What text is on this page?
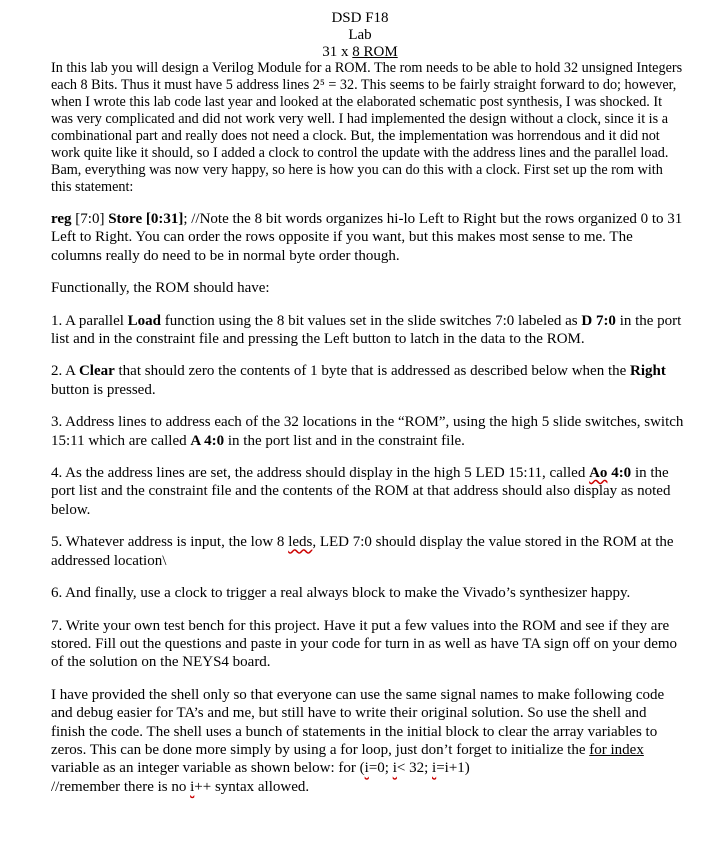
DSD F18
Lab
31 x 8 ROM

In this lab you will design a Verilog Module for a ROM. The rom needs to be able to hold 32 unsigned Integers each 8 Bits. Thus it must have 5 address lines 2⁵ = 32. This seems to be fairly straight forward to do; however, when I wrote this lab code last year and looked at the elaborated schematic post synthesis, I was shocked. It was very complicated and did not work very well. I had implemented the design without a clock, since it is a combinational part and really does not need a clock. But, the implementation was horrendous and it did not work quite like it should, so I added a clock to control the update with the address lines and the parallel load. Bam, everything was now very happy, so here is how you can do this with a clock. First set up the rom with this statement:

reg [7:0] Store [0:31]; //Note the 8 bit words organizes hi-lo Left to Right but the rows organized 0 to 31 Left to Right. You can order the rows opposite if you want, but this makes most sense to me. The columns really do need to be in normal byte order though.

Functionally, the ROM should have:

1. A parallel Load function using the 8 bit values set in the slide switches 7:0 labeled as D 7:0 in the port list and in the constraint file and pressing the Left button to latch in the data to the ROM.

2. A Clear that should zero the contents of 1 byte that is addressed as described below when the Right button is pressed.

3. Address lines to address each of the 32 locations in the “ROM”, using the high 5 slide switches, switch 15:11 which are called A 4:0 in the port list and in the constraint file.

4. As the address lines are set, the address should display in the high 5 LED 15:11, called Ao 4:0 in the port list and the constraint file and the contents of the ROM at that address should also display as noted below.

5. Whatever address is input, the low 8 leds, LED 7:0 should display the value stored in the ROM at the addressed location\

6. And finally, use a clock to trigger a real always block to make the Vivado’s synthesizer happy.

7. Write your own test bench for this project. Have it put a few values into the ROM and see if they are stored. Fill out the questions and paste in your code for turn in as well as have TA sign off on your demo of the solution on the NEYS4 board.

I have provided the shell only so that everyone can use the same signal names to make following code and debug easier for TA’s and me, but still have to write their original solution. So use the shell and finish the code. The shell uses a bunch of statements in the initial block to clear the array variables to zeros. This can be done more simply by using a for loop, just don’t forget to initialize the for index variable as an integer variable as shown below: for (i=0; i< 32; i=i+1)
//remember there is no i++ syntax allowed.
